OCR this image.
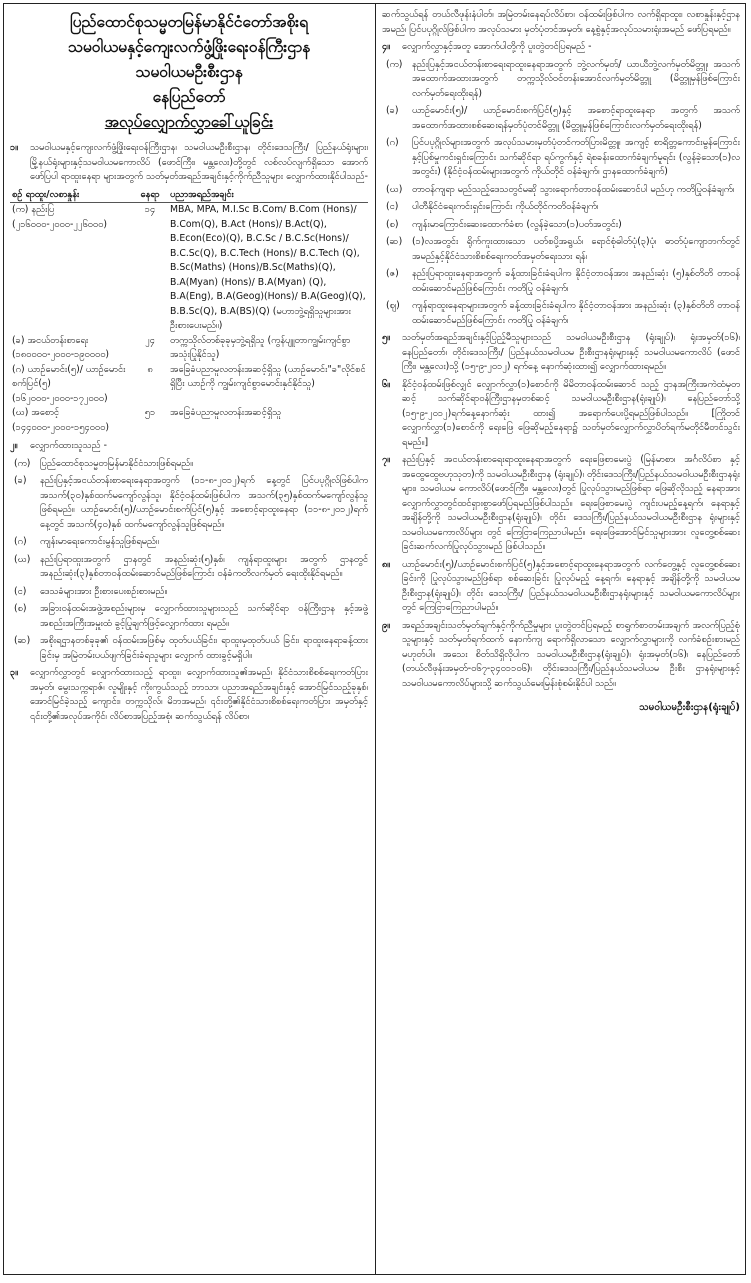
ပြည်ထောင်စုသမ္မတမြန်မာနိုင်ငံတော်အစိုးရ
သမဝါယမနှင့်ကျေးလက်ဖွံ့ဖြိုးရေးဝန်ကြီးဌာန
သမဝါယမဦးစီးဌာန
နေပြည်တော်
အလုပ်လျှောက်လွှာခေါ်ယူခြင်း
၁။	သမဝါယမနှင့်ကျေးလက်ဖွံ့ဖြိုးရေးဝန်ကြီးဌာန၊ သမဝါယမဦးစီးဌာန၊ တိုင်းဒေသကြီး/ ပြည်နယ်ရုံးများ၊မြို့နယ်ရုံးများနှင့်သမဝါယမကောလိပ် (ဖောင်ကြီး၊ မန္တလေး)တို့တွင် လစ်လပ်လျက်ရှိသော အောက်ဖော်ပြပါ ရာထူးနေရာ များအတွက် သတ်မှတ်အရည်အချင်းနှင့်ကိုက်ညီသူများ လျှောက်ထားနိုင်ပါသည်-
စဉ် ရာထူး/လစာနှုန်း	နေရာ	ပညာအရည်အချင်း

(က) နည်းပြ
(၂၁၆၀၀၀-၂၀၀၀-၂၂၆၀၀၀)	၁၄	MBA, MPA, M.I.Sc B.Com/ B.Com (Hons)/ B.Com(Q), B.Act (Hons)/ B.Act(Q), B.Econ(Eco)(Q), B.C.Sc / B.C.Sc(Hons)/ B.C.Sc(Q), B.C.Tech (Hons)/ B.C.Tech (Q), B.Sc(Maths) (Hons)/B.Sc(Maths)(Q), B.A(Myan) (Hons)/ B.A(Myan) (Q), B.A(Eng), B.A(Geog)(Hons)/ B.A(Geog)(Q), B.B.Sc(Q), B.A(BS)(Q) (မဟာဘွဲ့ရရှိသူများအား ဦးစားပေးမည်။)

(ခ) အငယ်တန်းစာရေး
(၁၈၀၀၀၀-၂၀၀၀-၁၉၀၀၀၀)	၂၄	တက္ကသိုလ်တစ်ခုခုမှဘွဲ့ရရှိသူ (ကွန်ပျူတာကျွမ်းကျင်စွာအသုံးပြုနိုင်သူ)

(ဂ) ယာဉ်မောင်း(၅)/ ယာဉ်မောင်းစက်ပြင်(၅)
(၁၆၂၀၀၀-၂၀၀၀-၁၇၂၀၀၀)	၈	အခြေခံပညာမူလတန်းအဆင့်ရှိသူ (ယာဉ်မောင်း"ခ"လိုင်စင်ရှိပြီး ယာဉ်ကို ကျွမ်းကျင်စွာမောင်းနှင်နိုင်သူ)

(ဃ) အစောင့်
(၁၄၄၀၀၀-၂၀၀၀-၁၅၄၀၀၀)	၅၁	အခြေခံပညာမူလတန်းအဆင့်ရှိသူ
၂။	လျှောက်ထားသူသည် -
(က)	ပြည်ထောင်စုသမ္မတမြန်မာနိုင်ငံသားဖြစ်ရမည်။
(ခ)	နည်းပြနှင့်အငယ်တန်းစာရေးနေရာအတွက် (၁၁-၈-၂၀၁၂)ရက် နေ့တွင် ပြင်ပပုဂ္ဂိုလ်ဖြစ်ပါက အသက်(၃၀)နှစ်ထက်မကျော်လွန်သူ၊ နိုင်ငံ့ဝန်ထမ်းဖြစ်ပါက အသက်(၃၅)နှစ်ထက်မကျော်လွန်သူဖြစ်ရမည်။ ယာဉ်မောင်း(၅)/ယာဉ်မောင်းစက်ပြင်(၅)နှင့် အစောင့်ရာထူးနေရာ (၁၁-၈-၂၀၁၂)ရက်နေ့တွင် အသက်(၄၀)နှစ် ထက်မကျော်လွန်သူဖြစ်ရမည်။
(ဂ)	ကျန်းမာရေးကောင်းမွန်သူဖြစ်ရမည်။
(ဃ)	နည်းပြရာထူးအတွက် ဌာနတွင် အနည်းဆုံး(၅)နှစ်၊ ကျန်ရာထူးများ အတွက် ဌာနတွင် အနည်းဆုံး(၃)နှစ်တာဝန်ထမ်းဆောင်မည်ဖြစ်ကြောင်း ဝန်ခံကတိလက်မှတ် ရေးထိုးနိုင်ရမည်။
(င)	ဒေသခံများအား ဦးစားပေးစဉ်းစားမည်။
(စ)	အခြားဝန်ထမ်းအဖွဲ့အစည်းများမှ လျှောက်ထားသူများသည် သက်ဆိုင်ရာ ဝန်ကြီးဌာန နှင့်အဖွဲ့အစည်းအကြီးအမှူးထံ ခွင့်ပြုချက်ဖြင့်လျှောက်ထား ရမည်။
(ဆ)	အစိုးရဌာနတစ်ခုခု၏ ဝန်ထမ်းအဖြစ်မှ ထုတ်ပယ်ခြင်း၊ ရာထူးမှထုတ်ပယ် ခြင်း၊ ရာထူးနေရာခန့်ထားခြင်းမှ အမြဲတမ်းပယ်ဖျက်ခြင်းခံရသူများ လျှောက် ထားခွင့်မရှိပါ။
၃။	လျှောက်လွှာတွင် လျှောက်ထားသည့် ရာထူး၊ လျှောက်ထားသူ၏အမည်၊ နိုင်ငံသားစိစစ်ရေးကတ်ပြားအမှတ်၊ မွေးသက္ကရာဇ်၊ လူမျိုးနှင့် ကိုးကွယ်သည့် ဘာသာ၊ ပညာအရည်အချင်းနှင့် အောင်မြင်သည့်ခုနှစ်၊ အောင်မြင်ခဲ့သည့် ကျောင်း၊ တက္ကသိုလ်၊ မိဘအမည်၊ ၎င်းတို့၏နိုင်ငံသားစိစစ်ရေးကတ်ပြား အမှတ်နှင့် ၎င်းတို့၏အလုပ်အကိုင်၊ လိပ်စာအပြည့်အစုံ၊ ဆက်သွယ်ရန် လိပ်စာ၊

ဆက်သွယ်ရန် တယ်လီဖုန်းနံပါတ်၊ အမြဲတမ်းနေရပ်လိပ်စာ၊ ဝန်ထမ်းဖြစ်ပါက လက်ရှိရာထူး၊ လစာနှုန်းနှင့်ဌာနအမည်၊ ပြင်ပပုဂ္ဂိုလ်ဖြစ်ပါက အလုပ်သမား မှတ်ပုံတင်အမှတ်၊ နေ့စွဲနှင့်အလုပ်သမားရုံးအမည် ဖော်ပြရမည်။

၄။	လျှောက်လွှာနှင့်အတူ အောက်ပါတို့ကို ပူးတွဲတင်ပြရမည် -
(က)	နည်းပြနှင့်အငယ်တန်းစာရေးရာထူးနေရာအတွက် ဘွဲ့လက်မှတ်/ ယာယီဘွဲ့လက်မှတ်မိတ္တူ၊ အသက်အထောက်အထားအတွက် တက္ကသိုလ်ဝင်တန်းအောင်လက်မှတ်မိတ္တူ (မိတ္တူမှန်ဖြစ်ကြောင်း လက်မှတ်ရေးထိုးရန်)
(ခ)	ယာဉ်မောင်း(၅)/ ယာဉ်မောင်းစက်ပြင်(၅)နှင့် အစောင့်ရာထူးနေရာ အတွက် အသက် အထောက်အထားစစ်ဆေးရန်မှတ်ပုံတင်မိတ္တူ (မိတ္တူမှန်ဖြစ်ကြောင်းလက်မှတ်ရေးထိုးရန်)
(ဂ)	ပြင်ပပုဂ္ဂိုလ်များအတွက် အလုပ်သမားမှတ်ပုံတင်ကတ်ပြားမိတ္တူ၊ အကျင့် စာရိတ္တကောင်းမွန်ကြောင်းနှင့်ပြစ်မှုကင်းရှင်းကြောင်း သက်ဆိုင်ရာ ရပ်ကွက်နှင့် ရဲစခန်းထောက်ခံချက်မူရင်း (လွန်ခဲ့သော(၁)လအတွင်း) (နိုင်ငံ့ဝန်ထမ်းများအတွက် ကိုယ်တိုင် ဝန်ခံချက်၊ ဌာနထောက်ခံချက်)
(ဃ)	တာဝန်ကျရာ မည်သည့်ဒေသတွင်မဆို သွားရောက်တာဝန်ထမ်းဆောင်ပါ မည်ဟု ကတိပြုဝန်ခံချက်၊
(င)	ပါတီနိုင်ငံရေးကင်းရှင်းကြောင်း ကိုယ်တိုင်ကတိဝန်ခံချက်၊
(စ)	ကျန်းမာကြောင်းဆေးထောက်ခံစာ (လွန်ခဲ့သော(၁)ပတ်အတွင်း)
(ဆ)	(၁)လအတွင်း ရိုက်ကူးထားသော ပတ်စပို့အရွယ်၊ ရောင်စုံဓါတ်ပုံ(၃)ပုံ၊ ဓာတ်ပုံကျောဘက်တွင် အမည်နှင့်နိုင်ငံသားစိစစ်ရေးကတ်အမှတ်ရေးသား ရန်၊
(ဇ)	နည်းပြရာထူးနေရာအတွက် ခန့်ထားခြင်းခံရပါက နိုင်ငံ့တာဝန်အား အနည်းဆုံး (၅)နှစ်တိတိ တာဝန်ထမ်းဆောင်မည်ဖြစ်ကြောင်း ကတိပြု ဝန်ခံချက်၊
(ဈ)	ကျန်ရာထူးနေရာများအတွက် ခန့်ထားခြင်းခံရပါက နိုင်ငံ့တာဝန်အား အနည်းဆုံး (၃)နှစ်တိတိ တာဝန်ထမ်းဆောင်မည်ဖြစ်ကြောင်း ကတိပြု ဝန်ခံချက်၊
၅။	သတ်မှတ်အရည်အချင်းနှင့်ပြည့်မီသူများသည် သမဝါယမဦးစီးဌာန (ရုံးချုပ်)၊ ရုံးအမှတ်(၁၆)၊ နေပြည်တော်၊ တိုင်းဒေသကြီး/ ပြည်နယ်သမဝါယမ ဦးစီးဌာနရုံးများနှင့် သမဝါယမကောလိပ် (ဖောင်ကြီး၊ မန္တလေး)သို့ (၁၅-၉-၂၀၁၂) ရက်နေ့ နောက်ဆုံးထား၍ လျှောက်ထားရမည်။
၆။	နိုင်ငံ့ဝန်ထမ်းဖြစ်လျှင် လျှောက်လွှာ(၁)စောင်ကို မိမိတာဝန်ထမ်းဆောင် သည့် ဌာနအကြီးအကဲထံမှတဆင့် သက်ဆိုင်ရာဝန်ကြီးဌာနမှတစ်ဆင့် သမဝါယမဦးစီးဌာန(ရုံးချုပ်)၊ နေပြည်တော်သို့ (၁၅-၉-၂၀၁၂)ရက်နေ့နောက်ဆုံး ထား၍ အရောက်ပေးပို့ရမည်ဖြစ်ပါသည်။ [ကြိုတင်လျှောက်လွှာ(၁)စောင်ကို ရေးဖြေ ဖြေဆိုမည့်နေရာ၌ သတ်မှတ်လျှောက်လွှာပိတ်ရက်မတိုင်မီတင်သွင်း ရမည်။]
၇။	နည်းပြနှင့် အငယ်တန်းစာရေးရာထူးနေရာအတွက် ရေးဖြေစာမေးပွဲ (မြန်မာစာ၊ အင်္ဂလိပ်စာ နှင့်အထွေထွေဗဟုသုတ)ကို သမဝါယမဦးစီးဌာန (ရုံးချုပ်)၊ တိုင်းဒေသကြီး/ပြည်နယ်သမဝါယမဦးစီးဌာနရုံးများ၊ သမဝါယမ ကောလိပ်(ဖောင်ကြီး၊ မန္တလေး)တွင် ပြုလုပ်သွားမည်ဖြစ်ရာ ဖြေဆိုလိုသည့် နေရာအား လျှောက်လွှာတွင်ထင်ရှားစွာဖော်ပြရမည်ဖြစ်ပါသည်။ ရေးဖြေစာမေးပွဲ ကျင်းပမည့်နေ့ရက်၊ နေရာနှင့်အချိန်တို့ကို သမဝါယမဦးစီးဌာန(ရုံးချုပ်)၊ တိုင်း ဒေသကြီး/ပြည်နယ်သမဝါယမဦးစီးဌာန ရုံးများနှင့်သမဝါယမကောလိပ်များ တွင် ကြေငြာကြေညာပါမည်။ ရေးဖြေအောင်မြင်သူများအား လူတွေ့စစ်ဆေး ခြင်းဆက်လက်ပြုလုပ်သွားမည် ဖြစ်ပါသည်။
၈။	ယာဉ်မောင်း(၅)/ယာဉ်မောင်းစက်ပြင်(၅)နှင့်အစောင့်ရာထူးနေရာအတွက် လက်တွေ့နှင့် လူတွေ့စစ်ဆေးခြင်းကို ပြုလုပ်သွားမည်ဖြစ်ရာ စစ်ဆေးခြင်း ပြုလုပ်မည့် နေ့ရက်၊ နေရာနှင့် အချိန်တို့ကို သမဝါယမဦးစီးဌာန(ရုံးချုပ်)၊ တိုင်း ဒေသကြီး/ ပြည်နယ်သမဝါယမဦးစီးဌာနရုံးများနှင့် သမဝါယမကောလိပ်များ တွင် ကြေငြာကြေညာပါမည်။
၉။	အရည်အချင်းသတ်မှတ်ချက်နှင့်ကိုက်ညီမှုများ ပူးတွဲတင်ပြရမည့် စာရွက်စာတမ်းအချက် အလက်ပြည့်စုံသူများနှင့် သတ်မှတ်ရက်ထက် နောက်ကျ ရောက်ရှိလာသော လျှောက်လွှာများကို လက်ခံစဉ်းစားမည်မဟုတ်ပါ။ အသေး စိတ်သိရှိလိုပါက သမဝါယမဦးစီးဌာန(ရုံးချုပ်)၊ ရုံးအမှတ်(၁၆)၊ နေပြည်တော် (တယ်လီဖုန်းအမှတ်-၀၆၇-၃၄၀၁၁၀၆)၊ တိုင်းဒေသကြီး/ပြည်နယ်သမဝါယမ ဦးစီး ဌာနရုံးများနှင့် သမဝါယမကောလိပ်များသို့ ဆက်သွယ်မေးမြန်းစုံစမ်းနိုင်ပါ သည်။
သမဝါယမဦးစီးဌာန(ရုံးချုပ်)
